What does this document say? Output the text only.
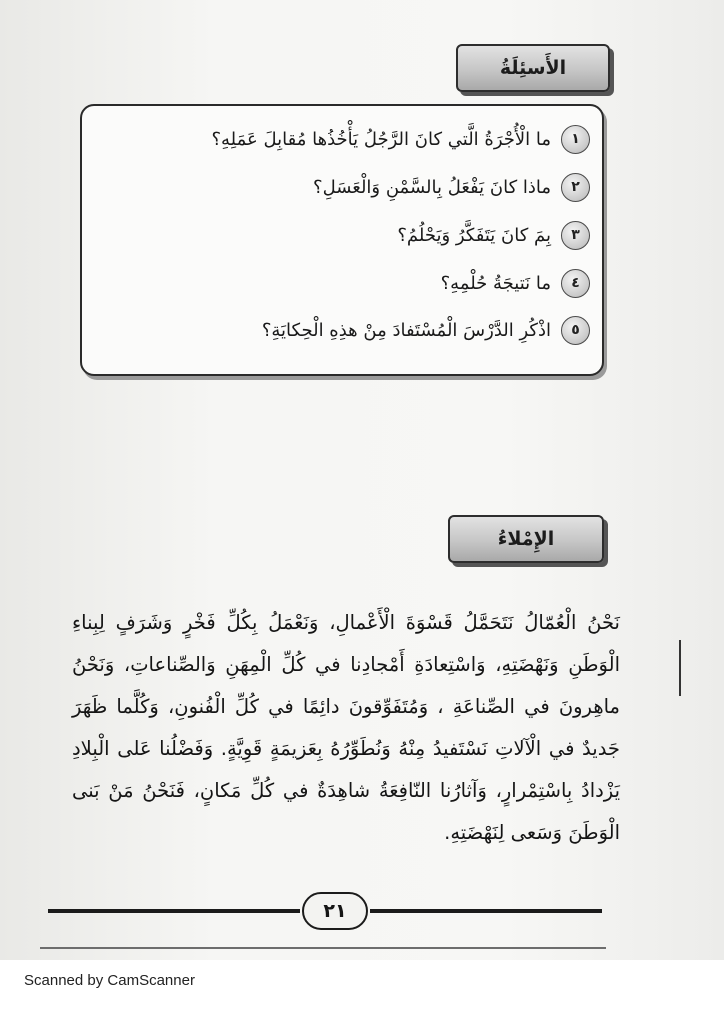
الأَسئِلَةُ
١
ما الْأُجْرَةُ الَّتي كانَ الرَّجُلُ يَأْخُذُها مُقابِلَ عَمَلِهِ؟
٢
ماذا كانَ يَفْعَلُ بِالسَّمْنِ وَالْعَسَلِ؟
٣
بِمَ كانَ يَتَفَكَّرُ وَيَحْلُمُ؟
٤
ما نَتيجَةُ حُلْمِهِ؟
٥
اذْكُرِ الدَّرْسَ الْمُسْتَفادَ مِنْ هذِهِ الْحِكايَةِ؟
الإِمْلاءُ

نَحْنُ الْعُمّالُ نَتَحَمَّلُ قَسْوَةَ الْأَعْمالِ، وَنَعْمَلُ بِكُلِّ فَخْرٍ وَشَرَفٍ لِبِناءِ الْوَطَنِ وَنَهْضَتِهِ، وَاسْتِعادَةِ أَمْجادِنا في كُلِّ الْمِهَنِ وَالصِّناعاتِ، وَنَحْنُ ماهِرونَ في الصِّناعَةِ ، وَمُتَفَوِّقونَ دائِمًا في كُلِّ الْفُنونِ، وَكُلَّما ظَهَرَ جَديدٌ في الْآلاتِ نَسْتَفيدُ مِنْهُ وَنُطَوِّرُهُ بِعَزيمَةٍ قَوِيَّةٍ. وَفَضْلُنا عَلى الْبِلادِ يَزْدادُ بِاسْتِمْرارٍ، وَآثارُنا النّافِعَةُ شاهِدَةٌ في كُلِّ مَكانٍ، فَنَحْنُ مَنْ بَنى الْوَطَنَ وَسَعى لِنَهْضَتِهِ.

٢١
Scanned by CamScanner
